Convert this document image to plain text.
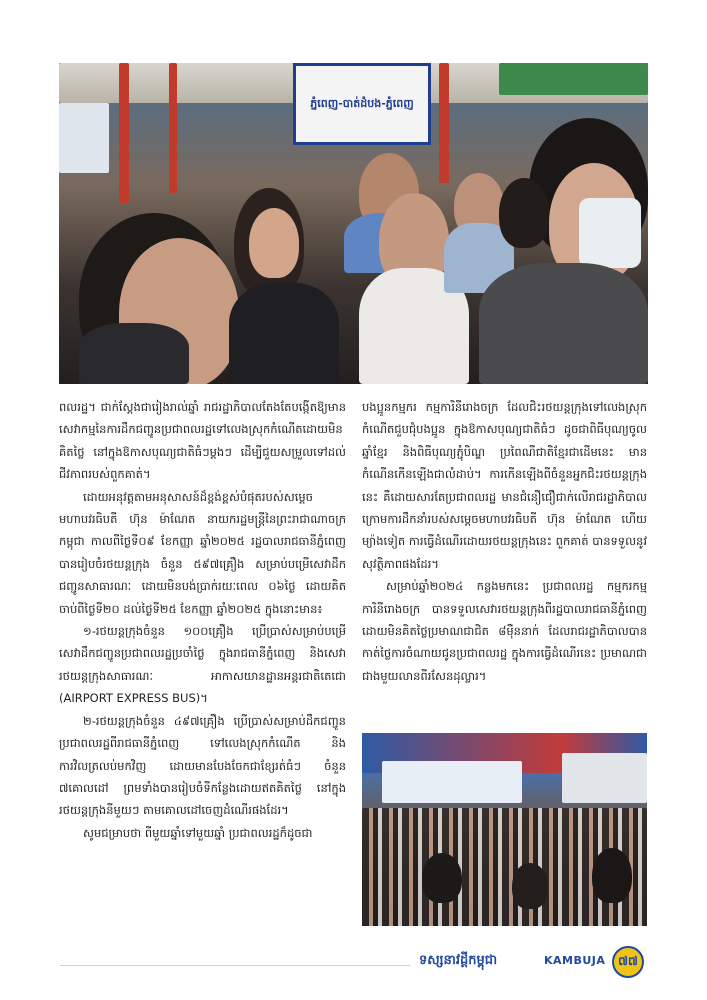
ភ្នំពេញ-បាត់ដំបង-ភ្នំពេញ

ពលរដ្ឋ។ ជាក់ស្តែងជារៀងរាល់ឆ្នាំ រាជរដ្ឋាភិបាលតែងតែបង្កើតឱ្យមានសេវាកម្មនៃការដឹកជញ្ជូនប្រជាពលរដ្ឋទៅលេងស្រុកកំណើតដោយមិនគិតថ្លៃ នៅក្នុងឱកាសបុណ្យជាតិធំៗម្តងៗ ដើម្បីជួយសម្រួលទៅដល់ជីវភាពរបស់ពួកគាត់។

ដោយអនុវត្តតាមអនុសាសន៍ដ៏ខ្ពង់ខ្ពស់បំផុតរបស់សម្តេចមហាបវរធិបតី ហ៊ុន ម៉ាណែត នាយករដ្ឋមន្ត្រីនៃព្រះរាជាណាចក្រកម្ពុជា កាលពីថ្ងៃទី០៩ ខែកញ្ញា ឆ្នាំ២០២៥ រដ្ឋបាលរាជធានីភ្នំពេញ បានរៀបចំរថយន្តក្រុង ចំនួន ៥៩៧គ្រឿង សម្រាប់បម្រើសេវាដឹកជញ្ជូនសាធារណៈ ដោយមិនបង់ប្រាក់រយៈពេល ០៦ថ្ងៃ ដោយគិតចាប់ពីថ្ងៃទី២០ ដល់ថ្ងៃទី២៥ ខែកញ្ញា ឆ្នាំ២០២៥ ក្នុងនោះមាន៖

១-រថយន្តក្រុងចំនួន ១០០គ្រឿង ប្រើប្រាស់សម្រាប់បម្រើសេវាដឹកជញ្ជូនប្រជាពលរដ្ឋប្រចាំថ្ងៃ ក្នុងរាជធានីភ្នំពេញ និងសេវារថយន្តក្រុងសាធារណៈ អាកាសយានដ្ឋានអន្តរជាតិតេជោ (AIRPORT EXPRESS BUS)។

២-រថយន្តក្រុងចំនួន ៤៩៧គ្រឿង ប្រើប្រាស់សម្រាប់ដឹកជញ្ជូនប្រជាពលរដ្ឋពីរាជធានីភ្នំពេញ ទៅលេងស្រុកកំណើត និងការវិលត្រលប់មកវិញ ដោយមានបែងចែកជាខ្សែរត់ធំៗ ចំនួន ៧គោលដៅ ព្រមទាំងបានរៀបចំទីកន្លែងដោយឥតគិតថ្លៃ នៅក្នុងរថយន្តក្រុងនីមួយៗ តាមគោលដៅចេញដំណើរផងដែរ។

សូមជម្រាបថា ពីមួយឆ្នាំទៅមួយឆ្នាំ ប្រជាពលរដ្ឋក៏ដូចជា

បងប្អូនកម្មករ កម្មការិនីរោងចក្រ ដែលជិះរថយន្តក្រុងទៅលេងស្រុកកំណើតជួបជុំបងប្អូន ក្នុងឱកាសបុណ្យជាតិធំៗ ដូចជាពិធីបុណ្យចូលឆ្នាំខ្មែរ និងពិធីបុណ្យភ្ជុំបិណ្ឌ ប្រពៃណីជាតិខ្មែរជាដើមនេះ មានកំណើនកើនឡើងជាលំដាប់។ ការកើនឡើងពីចំនួនអ្នកជិះរថយន្តក្រុងនេះ គឺដោយសារតែប្រជាពលរដ្ឋ មានជំនឿជឿជាក់លើរាជរដ្ឋាភិបាល ក្រោមការដឹកនាំរបស់សម្តេចមហាបវរធិបតី ហ៊ុន ម៉ាណែត ហើយម្យ៉ាងទៀត ការធ្វើដំណើរដោយរថយន្តក្រុងនេះ ពួកគាត់ បានទទួលនូវសុវត្ថិភាពផងដែរ។

សម្រាប់ឆ្នាំ២០២៤ កន្លងមកនេះ ប្រជាពលរដ្ឋ កម្មករកម្មការិនីរោងចក្រ បានទទួលសេវារថយន្តក្រុងពីរដ្ឋបាលរាជធានីភ្នំពេញ ដោយមិនគិតថ្លៃប្រមាណជាជិត ៨ម៉ឺននាក់ ដែលរាជរដ្ឋាភិបាលបានកាត់ថ្លៃការចំណាយជូនប្រជាពលរដ្ឋ ក្នុងការធ្វើដំណើរនេះ ប្រមាណជាជាងមួយលានពីរសែនដុល្លារ។

ទស្សនាវដ្តីកម្ពុជា	KAMBUJA ៧៧
